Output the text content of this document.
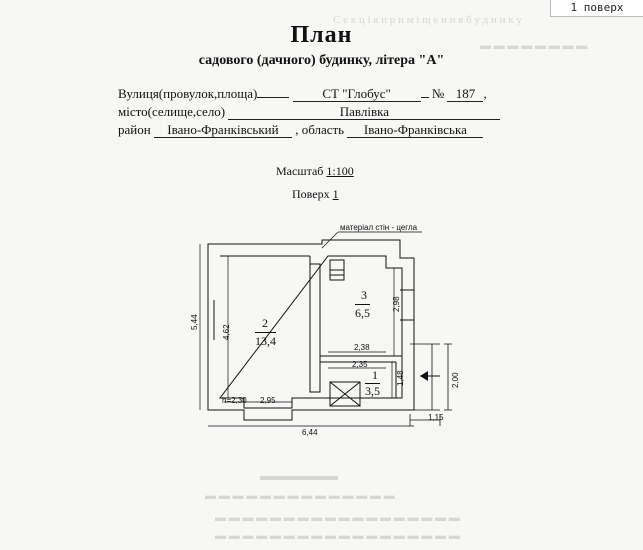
С е к ц і я п р и м і щ е н н я б у д и н к у
▬ ▬ ▬ ▬ ▬ ▬ ▬ ▬
▬▬▬▬▬▬
▬ ▬ ▬ ▬ ▬ ▬ ▬ ▬ ▬ ▬ ▬ ▬ ▬ ▬
▬ ▬ ▬ ▬ ▬ ▬ ▬ ▬ ▬ ▬ ▬ ▬ ▬ ▬ ▬ ▬ ▬ ▬
▬ ▬ ▬ ▬ ▬ ▬ ▬ ▬ ▬ ▬ ▬ ▬ ▬ ▬ ▬ ▬ ▬ ▬
1 поверх
План
садового (дачного) будинку, літера "А"
Вулиця(провулок,площа)	СТ "Глобус"	№ 187 ,
місто(селище,село)	Павлівка
район Івано-Франківський , область Івано-Франківська
Масштаб 1:100
Поверх 1
матеріал стін - цегла
2
13,4
3
6,5
1
3,5
5,44
4,62
h=2,30 2,95
6,44
2,98
2,38
2,35
1,48	2,00
1,15
